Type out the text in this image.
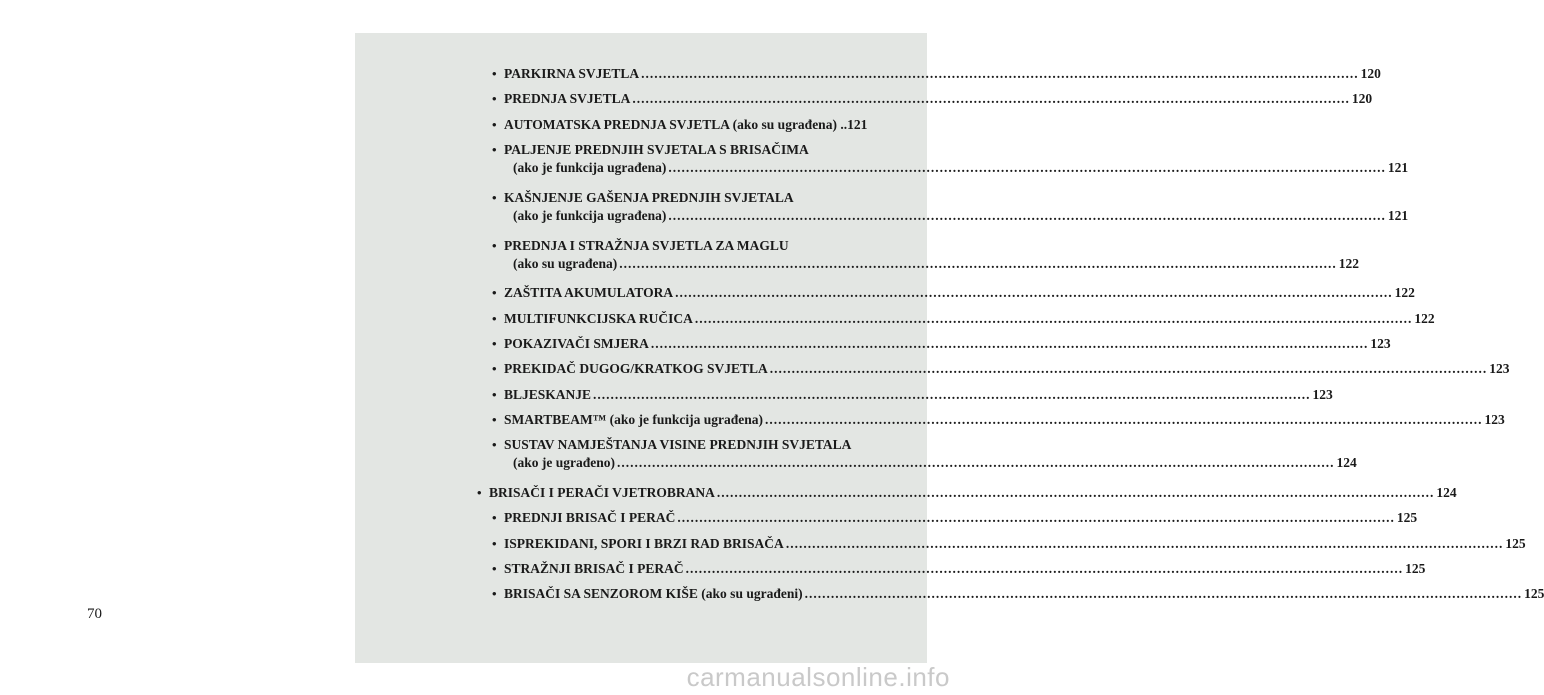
• PARKIRNA SVJETLA .....	120
• PREDNJA SVJETLA .....	120
• AUTOMATSKA PREDNJA SVJETLA (ako su ugrađena) .. 121
• PALJENJE PREDNJIH SVJETALA S BRISAČIMA
(ako je funkcija ugrađena) .....	121
• KAŠNJENJE GAŠENJA PREDNJIH SVJETALA
(ako je funkcija ugrađena) .....	121
• PREDNJA I STRAŽNJA SVJETLA ZA MAGLU
(ako su ugrađena) .....	122
• ZAŠTITA AKUMULATORA .....	122
• MULTIFUNKCIJSKA RUČICA .....	122
• POKAZIVAČI SMJERA .....	123
• PREKIDAČ DUGOG/KRATKOG SVJETLA .....	123
• BLJESKANJE .....	123
• SMARTBEAM™ (ako je funkcija ugrađena) .....	123
• SUSTAV NAMJEŠTANJA VISINE PREDNJIH SVJETALA
(ako je ugrađeno) .....	124
• BRISAČI I PERAČI VJETROBRANA .....	124
• PREDNJI BRISAČ I PERAČ .....	125
• ISPREKIDANI, SPORI I BRZI RAD BRISAČA .....	125
• STRAŽNJI BRISAČ I PERAČ .....	125
• BRISAČI SA SENZOROM KIŠE (ako su ugrađeni) .....	125
70
carmanualsonline.info
